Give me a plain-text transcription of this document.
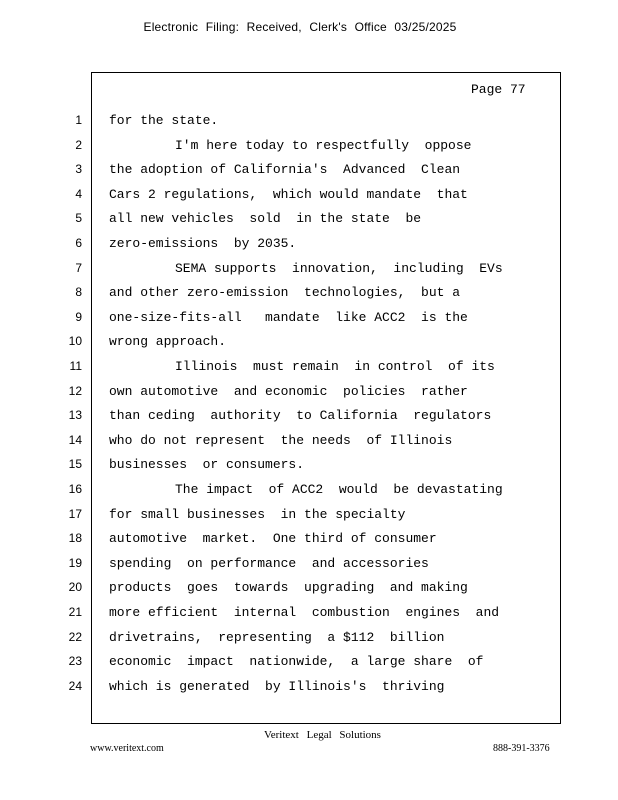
Electronic Filing: Received, Clerk's Office 03/25/2025
Page 77
1 for the state.
2	I'm here today to respectfully  oppose
3 the adoption of California's  Advanced  Clean
4 Cars 2 regulations,  which would mandate  that
5 all new vehicles  sold  in the state  be
6 zero-emissions  by 2035.
7	SEMA supports  innovation,  including  EVs
8 and other zero-emission  technologies,  but a
9 one-size-fits-all   mandate  like ACC2  is the
10 wrong approach.
11	Illinois  must remain  in control  of its
12 own automotive  and economic  policies  rather
13 than ceding  authority  to California  regulators
14 who do not represent  the needs  of Illinois
15 businesses  or consumers.
16	The impact  of ACC2  would  be devastating
17 for small businesses  in the specialty
18 automotive  market.  One third of consumer
19 spending  on performance  and accessories
20 products  goes  towards  upgrading  and making
21 more efficient  internal  combustion  engines  and
22 drivetrains,  representing  a $112  billion
23 economic  impact  nationwide,  a large share  of
24 which is generated  by Illinois's  thriving
Veritext Legal Solutions
www.veritext.com	888-391-3376
